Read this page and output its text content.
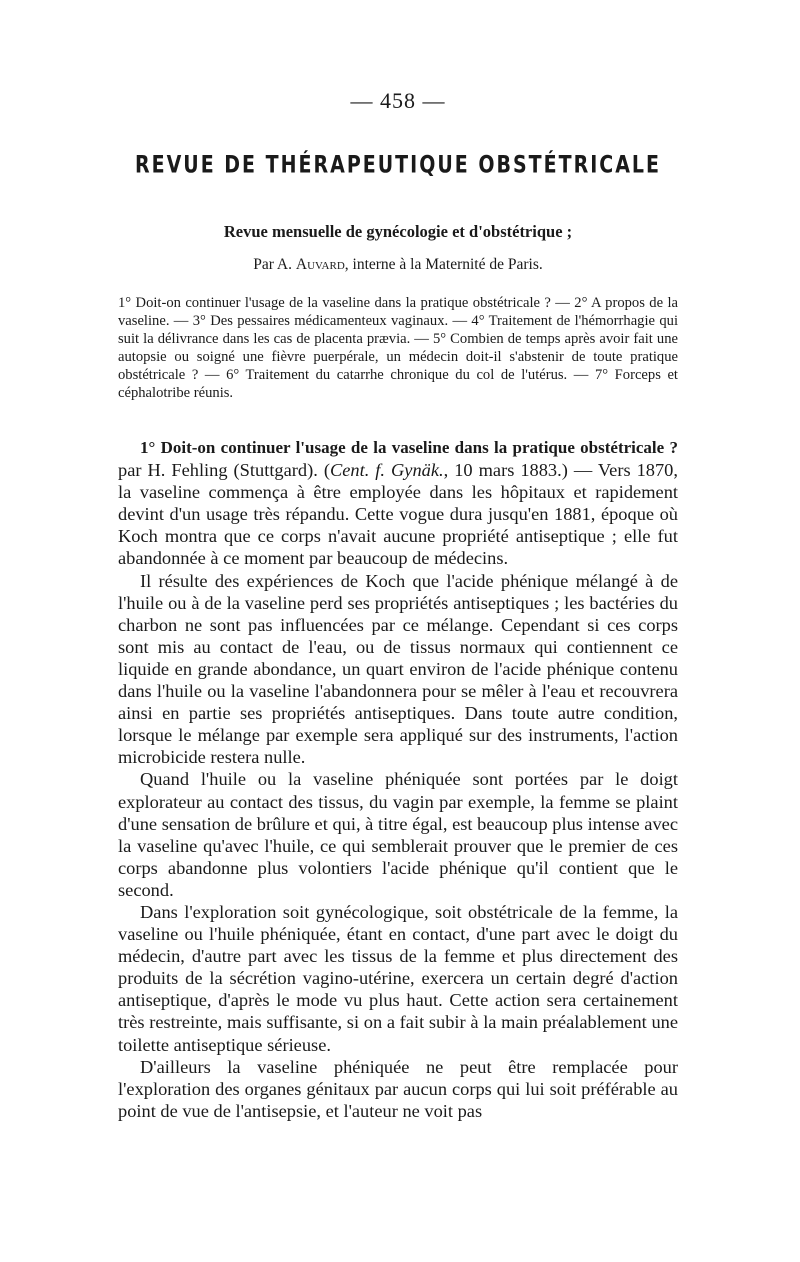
— 458 —
REVUE DE THÉRAPEUTIQUE OBSTÉTRICALE
Revue mensuelle de gynécologie et d'obstétrique ;
Par A. Auvard, interne à la Maternité de Paris.
1° Doit-on continuer l'usage de la vaseline dans la pratique obstétricale ? — 2° A propos de la vaseline. — 3° Des pessaires médicamenteux vaginaux. — 4° Traitement de l'hémorrhagie qui suit la délivrance dans les cas de placenta prævia. — 5° Combien de temps après avoir fait une autopsie ou soigné une fièvre puerpérale, un médecin doit-il s'abstenir de toute pratique obstétricale ? — 6° Traitement du catarrhe chronique du col de l'utérus. — 7° Forceps et céphalotribe réunis.

1° Doit-on continuer l'usage de la vaseline dans la pratique obstétricale ? par H. Fehling (Stuttgard). (Cent. f. Gynäk., 10 mars 1883.) — Vers 1870, la vaseline commença à être employée dans les hôpitaux et rapidement devint d'un usage très répandu. Cette vogue dura jusqu'en 1881, époque où Koch montra que ce corps n'avait aucune propriété antiseptique ; elle fut abandonnée à ce moment par beaucoup de médecins.

Il résulte des expériences de Koch que l'acide phénique mélangé à de l'huile ou à de la vaseline perd ses propriétés antiseptiques ; les bactéries du charbon ne sont pas influencées par ce mélange. Cependant si ces corps sont mis au contact de l'eau, ou de tissus normaux qui contiennent ce liquide en grande abondance, un quart environ de l'acide phénique contenu dans l'huile ou la vaseline l'abandonnera pour se mêler à l'eau et recouvrera ainsi en partie ses propriétés antiseptiques. Dans toute autre condition, lorsque le mélange par exemple sera appliqué sur des instruments, l'action microbicide restera nulle.

Quand l'huile ou la vaseline phéniquée sont portées par le doigt explorateur au contact des tissus, du vagin par exemple, la femme se plaint d'une sensation de brûlure et qui, à titre égal, est beaucoup plus intense avec la vaseline qu'avec l'huile, ce qui semblerait prouver que le premier de ces corps abandonne plus volontiers l'acide phénique qu'il contient que le second.

Dans l'exploration soit gynécologique, soit obstétricale de la femme, la vaseline ou l'huile phéniquée, étant en contact, d'une part avec le doigt du médecin, d'autre part avec les tissus de la femme et plus directement des produits de la sécrétion vagino-utérine, exercera un certain degré d'action antiseptique, d'après le mode vu plus haut. Cette action sera certainement très restreinte, mais suffisante, si on a fait subir à la main préalablement une toilette antiseptique sérieuse.

D'ailleurs la vaseline phéniquée ne peut être remplacée pour l'exploration des organes génitaux par aucun corps qui lui soit préférable au point de vue de l'antisepsie, et l'auteur ne voit pas
